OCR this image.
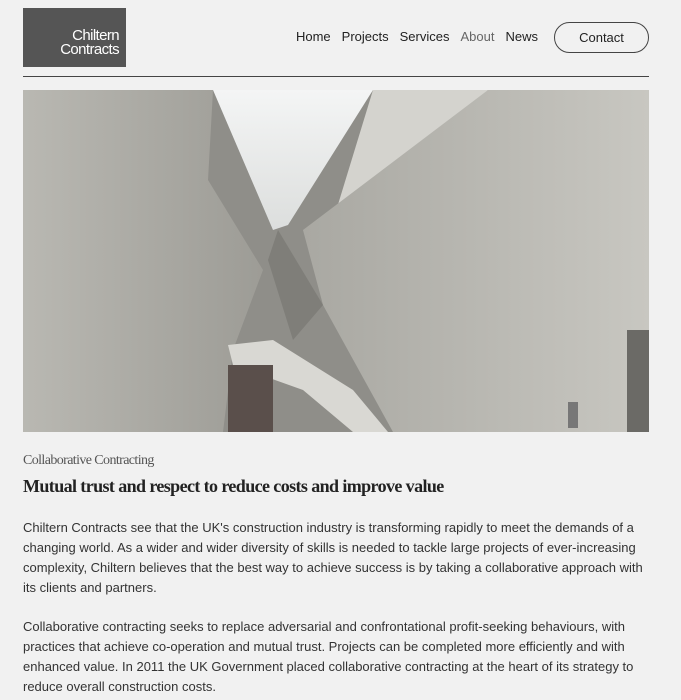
Chiltern
Contracts
Home Projects Services About News	Contact
Collaborative Contracting
Mutual trust and respect to reduce costs and improve value

Chiltern Contracts see that the UK's construction industry is transforming rapidly to meet the demands of a changing world. As a wider and wider diversity of skills is needed to tackle large projects of ever-increasing complexity, Chiltern believes that the best way to achieve success is by taking a collaborative approach with its clients and partners.

Collaborative contracting seeks to replace adversarial and confrontational profit-seeking behaviours, with practices that achieve co-operation and mutual trust. Projects can be completed more efficiently and with enhanced value. In 2011 the UK Government placed collaborative contracting at the heart of its strategy to reduce overall construction costs.
